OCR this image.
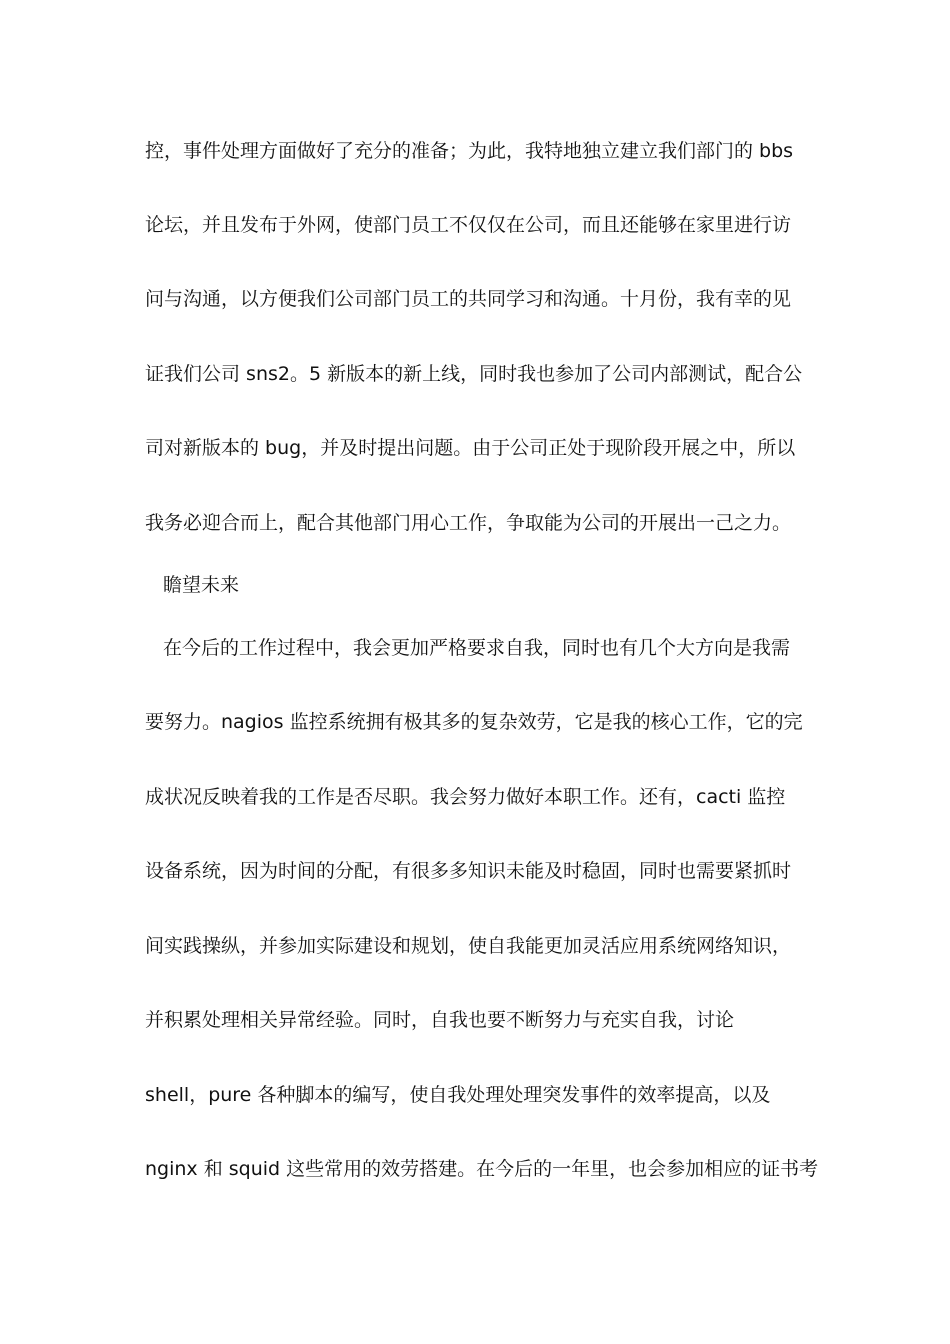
控，事件处理方面做好了充分的准备；为此，我特地独立建立我们部门的 bbs
论坛，并且发布于外网，使部门员工不仅仅在公司，而且还能够在家里进行访
问与沟通，以方便我们公司部门员工的共同学习和沟通。十月份，我有幸的见
证我们公司 sns2。5 新版本的新上线，同时我也参加了公司内部测试，配合公
司对新版本的 bug，并及时提出问题。由于公司正处于现阶段开展之中，所以
我务必迎合而上，配合其他部门用心工作，争取能为公司的开展出一己之力。
瞻望未来
在今后的工作过程中，我会更加严格要求自我，同时也有几个大方向是我需
要努力。nagios 监控系统拥有极其多的复杂效劳，它是我的核心工作，它的完
成状况反映着我的工作是否尽职。我会努力做好本职工作。还有，cacti 监控
设备系统，因为时间的分配，有很多多知识未能及时稳固，同时也需要紧抓时
间实践操纵，并参加实际建设和规划，使自我能更加灵活应用系统网络知识，
并积累处理相关异常经验。同时，自我也要不断努力与充实自我，讨论
shell，pure 各种脚本的编写，使自我处理处理突发事件的效率提高，以及
nginx 和 squid 这些常用的效劳搭建。在今后的一年里，也会参加相应的证书考
